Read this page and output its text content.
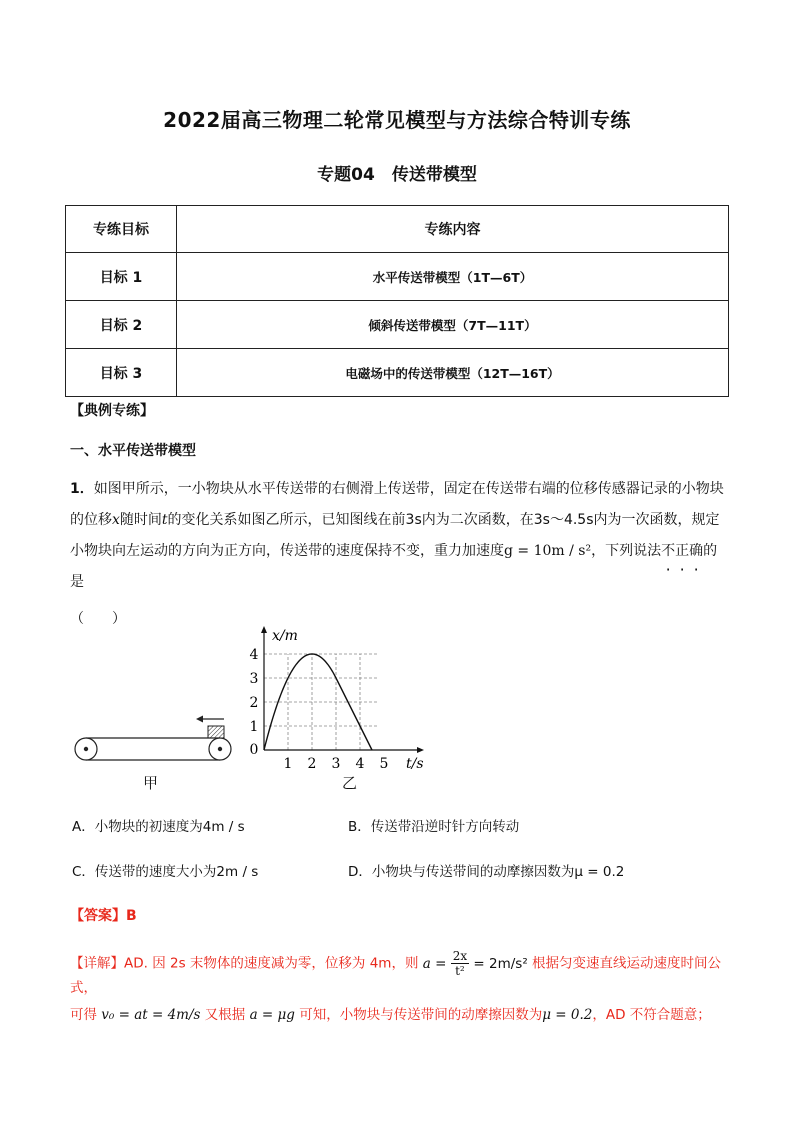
2022届高三物理二轮常见模型与方法综合特训专练
专题04　传送带模型
专练目标	专练内容
目标 1	水平传送带模型（1T—6T）
目标 2	倾斜传送带模型（7T—11T）
目标 3	电磁场中的传送带模型（12T—16T）
【典例专练】
一、水平传送带模型
1．如图甲所示，一小物块从水平传送带的右侧滑上传送带，固定在传送带右端的位移传感器记录的小物块
的位移x随时间t的变化关系如图乙所示，已知图线在前3s内为二次函数，在3s～4.5s内为一次函数，规定
小物块向左运动的方向为正方向，传送带的速度保持不变，重力加速度g = 10m / s²，下列说法不正确的是
（　　）
甲
1
2
3
4
1 2 3 4 5
0
x/m
t/s
乙
A．小物块的初速度为4m / s	B．传送带沿逆时针方向转动
C．传送带的速度大小为2m / s	D．小物块与传送带间的动摩擦因数为μ = 0.2
【答案】B
【详解】AD. 因 2s 末物体的速度减为零，位移为 4m，则 $a = \frac{2x}{\text{t²}} = 2m/s^2$ 根据匀变速直线运动速度时间公式，
可得 v₀ = at = 4m/s 又根据 a = μg 可知，小物块与传送带间的动摩擦因数为μ = 0.2，AD 不符合题意；
